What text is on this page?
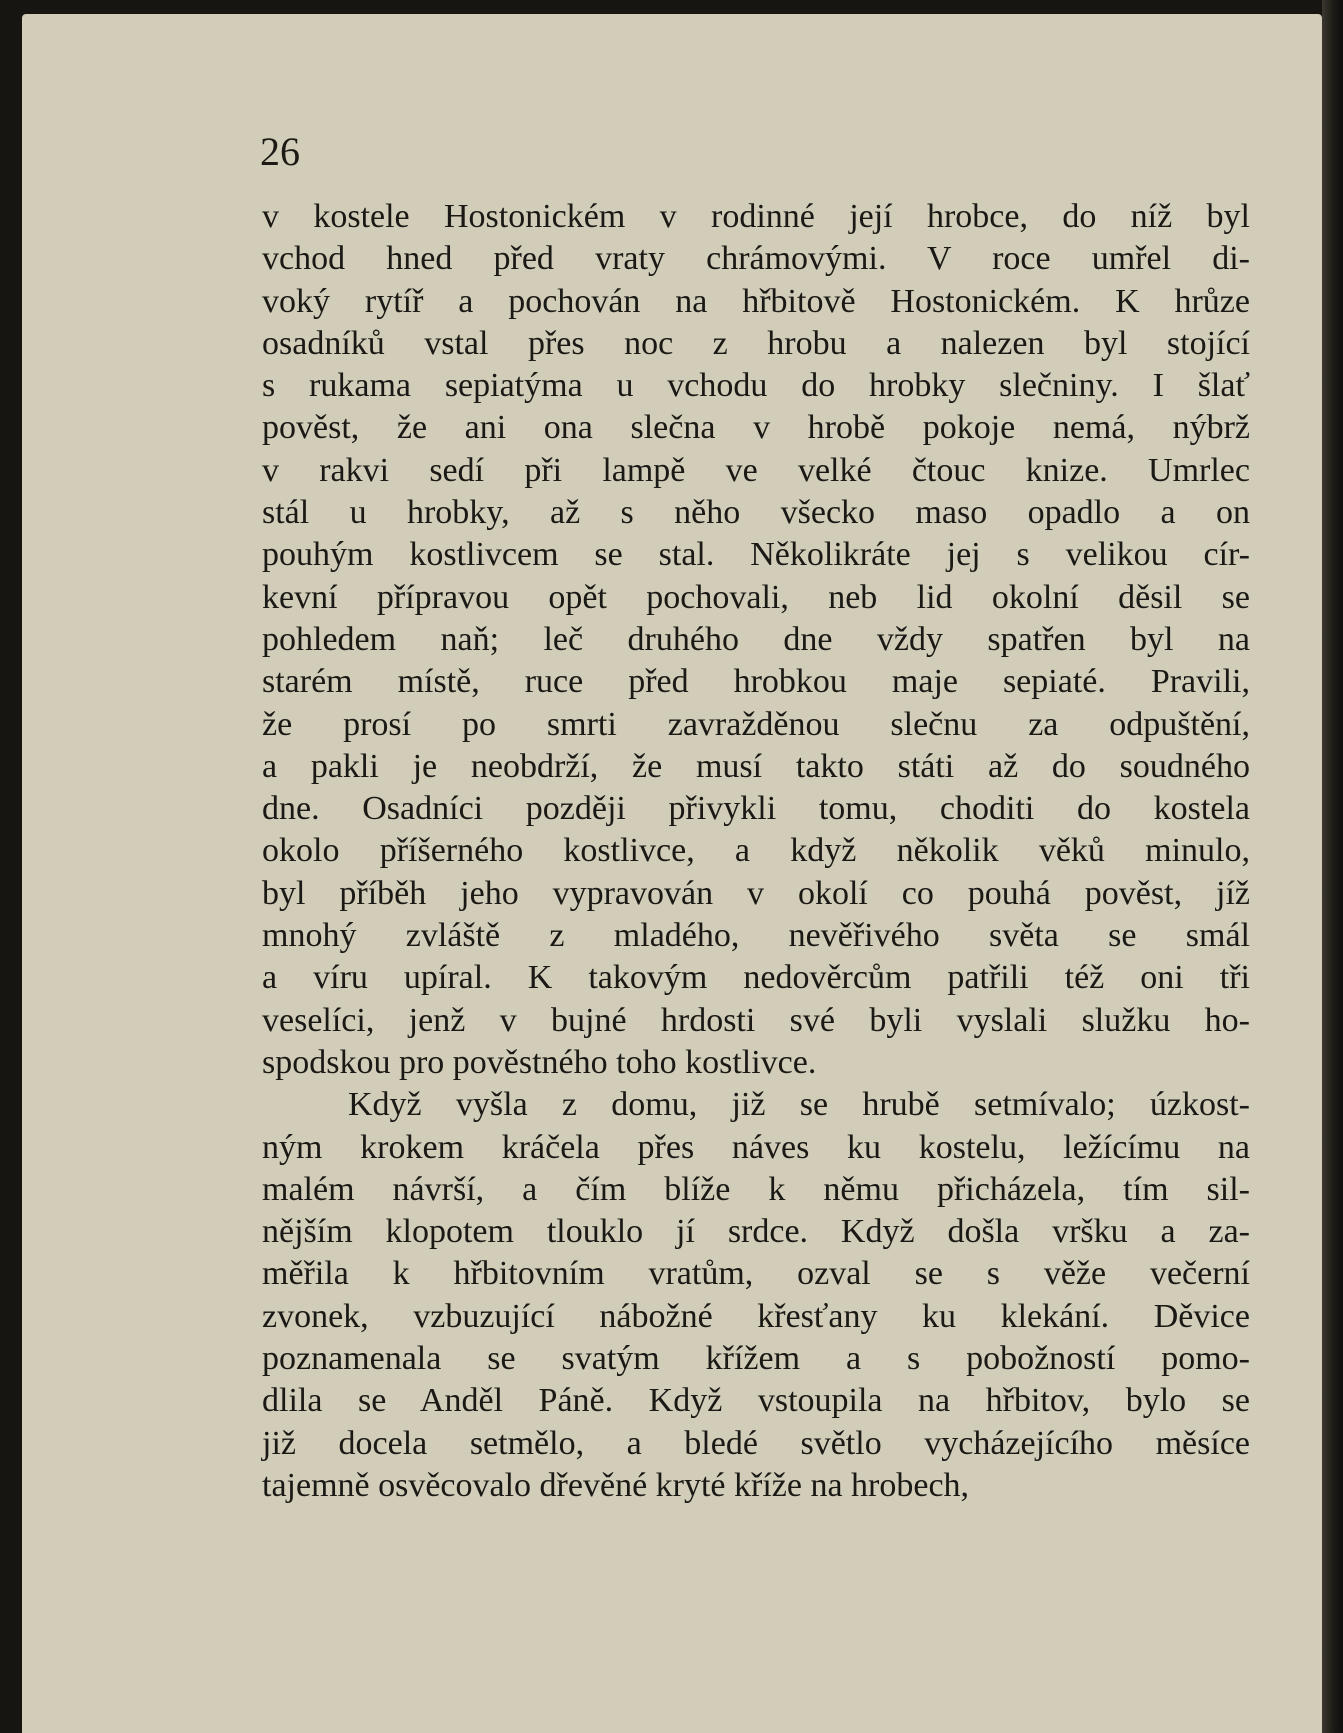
26

v kostele Hostonickém v rodinné její hrobce, do níž byl
vchod hned před vraty chrámovými. V roce umřel di-
voký rytíř a pochován na hřbitově Hostonickém. K hrůze
osadníků vstal přes noc z hrobu a nalezen byl stojící
s rukama sepiatýma u vchodu do hrobky slečniny. I šlať
pověst, že ani ona slečna v hrobě pokoje nemá, nýbrž
v rakvi sedí při lampě ve velké čtouc knize. Umrlec
stál u hrobky, až s něho všecko maso opadlo a on
pouhým kostlivcem se stal. Několikráte jej s velikou cír-
kevní přípravou opět pochovali, neb lid okolní děsil se
pohledem naň; leč druhého dne vždy spatřen byl na
starém místě, ruce před hrobkou maje sepiaté. Pravili,
že prosí po smrti zavražděnou slečnu za odpuštění,
a pakli je neobdrží, že musí takto státi až do soudného
dne. Osadníci později přivykli tomu, choditi do kostela
okolo příšerného kostlivce, a když několik věků minulo,
byl příběh jeho vypravován v okolí co pouhá pověst, jíž
mnohý zvláště z mladého, nevěřivého světa se smál
a víru upíral. K takovým nedověrcům patřili též oni tři
veselíci, jenž v bujné hrdosti své byli vyslali služku ho-
spodskou pro pověstného toho kostlivce.
Když vyšla z domu, již se hrubě setmívalo; úzkost-
ným krokem kráčela přes náves ku kostelu, ležícímu na
malém návrší, a čím blíže k němu přicházela, tím sil-
nějším klopotem tlouklo jí srdce. Když došla vršku a za-
měřila k hřbitovním vratům, ozval se s věže večerní
zvonek, vzbuzující nábožné křesťany ku klekání. Děvice
poznamenala se svatým křížem a s pobožností pomo-
dlila se Anděl Páně. Když vstoupila na hřbitov, bylo se
již docela setmělo, a bledé světlo vycházejícího měsíce
tajemně osvěcovalo dřevěné kryté kříže na hrobech,
